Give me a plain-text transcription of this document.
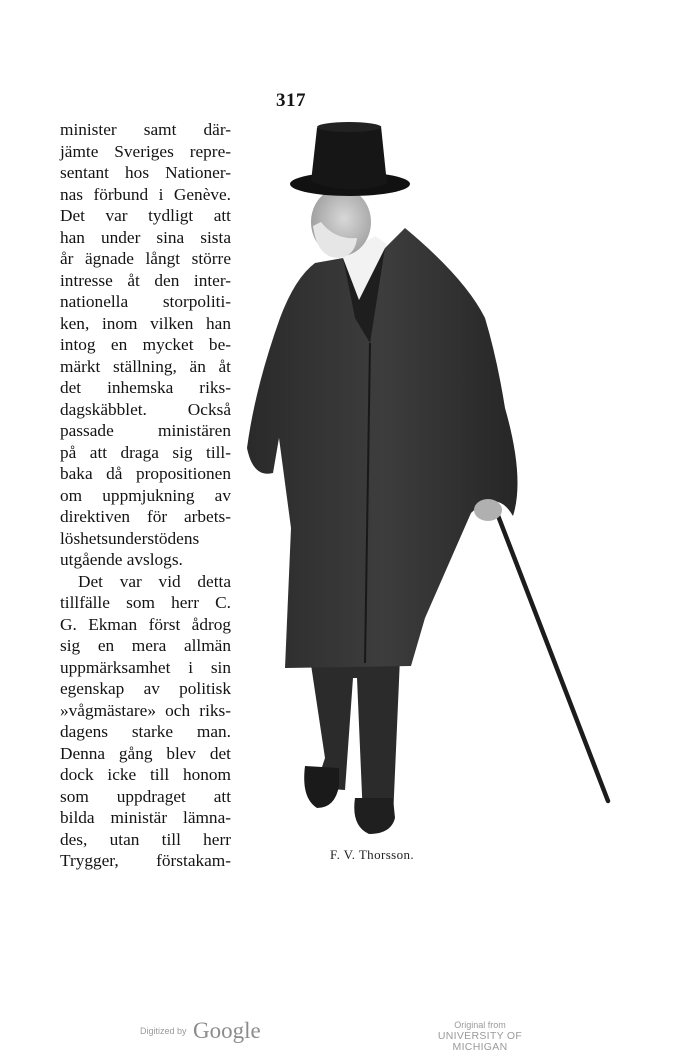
317
minister samt där-
jämte Sveriges repre-
sentant hos Nationer-
nas förbund i Genève.
Det var tydligt att
han under sina sista
år ägnade långt större
intresse åt den inter-
nationella storpoliti-
ken, inom vilken han
intog en mycket be-
märkt ställning, än åt
det inhemska riks-
dagskäbblet. Också
passade ministären
på att draga sig till-
baka då propositionen
om uppmjukning av
direktiven för arbets-
löshetsunderstödens
utgående avslogs.
Det var vid detta
tillfälle som herr C.
G. Ekman först ådrog
sig en mera allmän
uppmärksamhet i sin
egenskap av politisk
»vågmästare» och riks-
dagens starke man.
Denna gång blev det
dock icke till honom
som uppdraget att
bilda ministär lämna-
des, utan till herr
Trygger, förstakam-	F. V. Thorsson.
Digitized by Google	Original from
UNIVERSITY OF MICHIGAN
